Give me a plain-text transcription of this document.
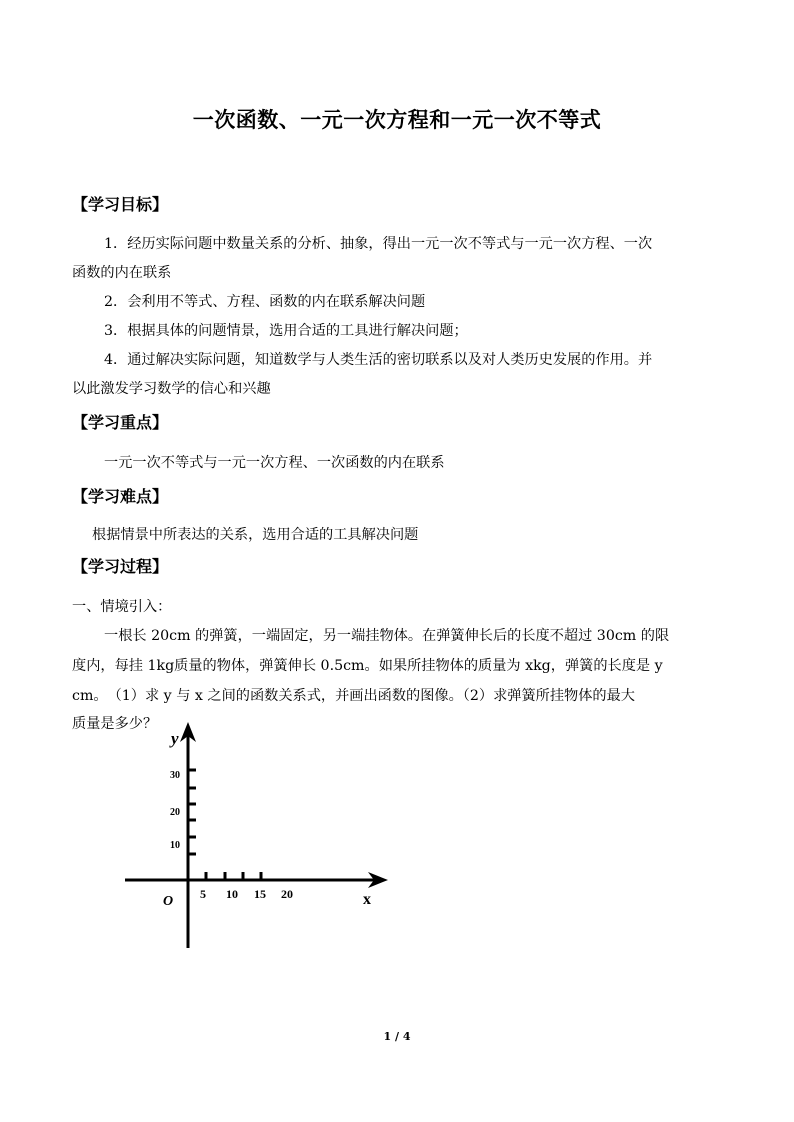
一次函数、一元一次方程和一元一次不等式
【学习目标】
1．经历实际问题中数量关系的分析、抽象，得出一元一次不等式与一元一次方程、一次
函数的内在联系
2．会利用不等式、方程、函数的内在联系解决问题
3．根据具体的问题情景，选用合适的工具进行解决问题；
4．通过解决实际问题，知道数学与人类生活的密切联系以及对人类历史发展的作用。并
以此激发学习数学的信心和兴趣
【学习重点】
一元一次不等式与一元一次方程、一次函数的内在联系
【学习难点】
根据情景中所表达的关系，选用合适的工具解决问题
【学习过程】
一、情境引入：
一根长 20cm 的弹簧，一端固定，另一端挂物体。在弹簧伸长后的长度不超过 30cm 的限
度内，每挂 1kg质量的物体，弹簧伸长 0.5cm。如果所挂物体的质量为 xkg，弹簧的长度是 y
cm。　（1）求 y 与 x 之间的函数关系式，并画出函数的图像。（2）求弹簧所挂物体的最大
质量是多少？
y
x
O
30
20
10
5 10 15 20
1 / 4
